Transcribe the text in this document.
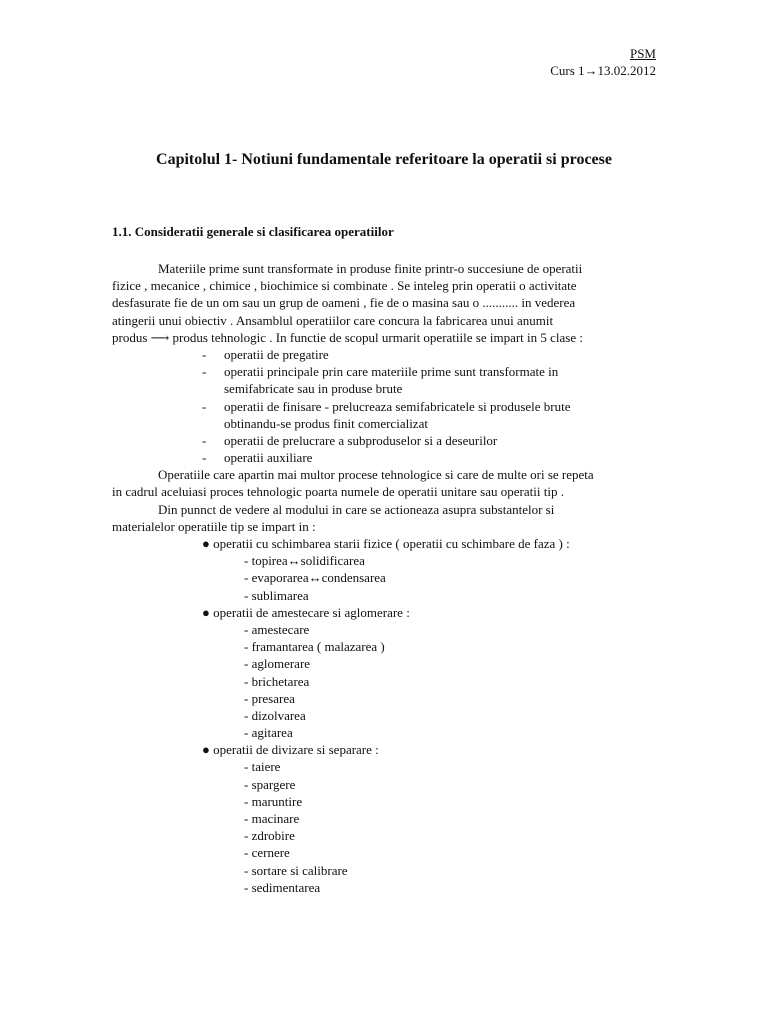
PSM
Curs 1→13.02.2012
Capitolul 1- Notiuni fundamentale referitoare la operatii si procese
1.1. Consideratii generale si clasificarea operatiilor
Materiile prime sunt transformate in produse finite printr-o succesiune de operatii
fizice , mecanice , chimice , biochimice si combinate . Se inteleg prin operatii o activitate
desfasurate fie de un om sau un grup de oameni , fie de o masina sau o ........... in vederea
atingerii unui obiectiv . Ansamblul operatiilor care concura la fabricarea unui anumit
produs ⟶ produs tehnologic . In functie de scopul urmarit operatiile se impart in 5 clase :
- operatii de pregatire
- operatii principale prin care materiile prime sunt transformate in
semifabricate sau in produse brute
- operatii de finisare - prelucreaza semifabricatele si produsele brute
obtinandu-se produs finit comercializat
- operatii de prelucrare a subproduselor si a deseurilor
- operatii auxiliare
Operatiile care apartin mai multor procese tehnologice si care de multe ori se repeta
in cadrul aceluiasi proces tehnologic poarta numele de operatii unitare sau operatii tip .
Din punnct de vedere al modului in care se actioneaza asupra substantelor si
materialelor operatiile tip se impart in :
● operatii cu schimbarea starii fizice ( operatii cu schimbare de faza ) :
- topirea↔solidificarea
- evaporarea↔condensarea
- sublimarea
● operatii de amestecare si aglomerare :
- amestecare
- framantarea ( malazarea )
- aglomerare
- brichetarea
- presarea
- dizolvarea
- agitarea
● operatii de divizare si separare :
- taiere
- spargere
- maruntire
- macinare
- zdrobire
- cernere
- sortare si calibrare
- sedimentarea
